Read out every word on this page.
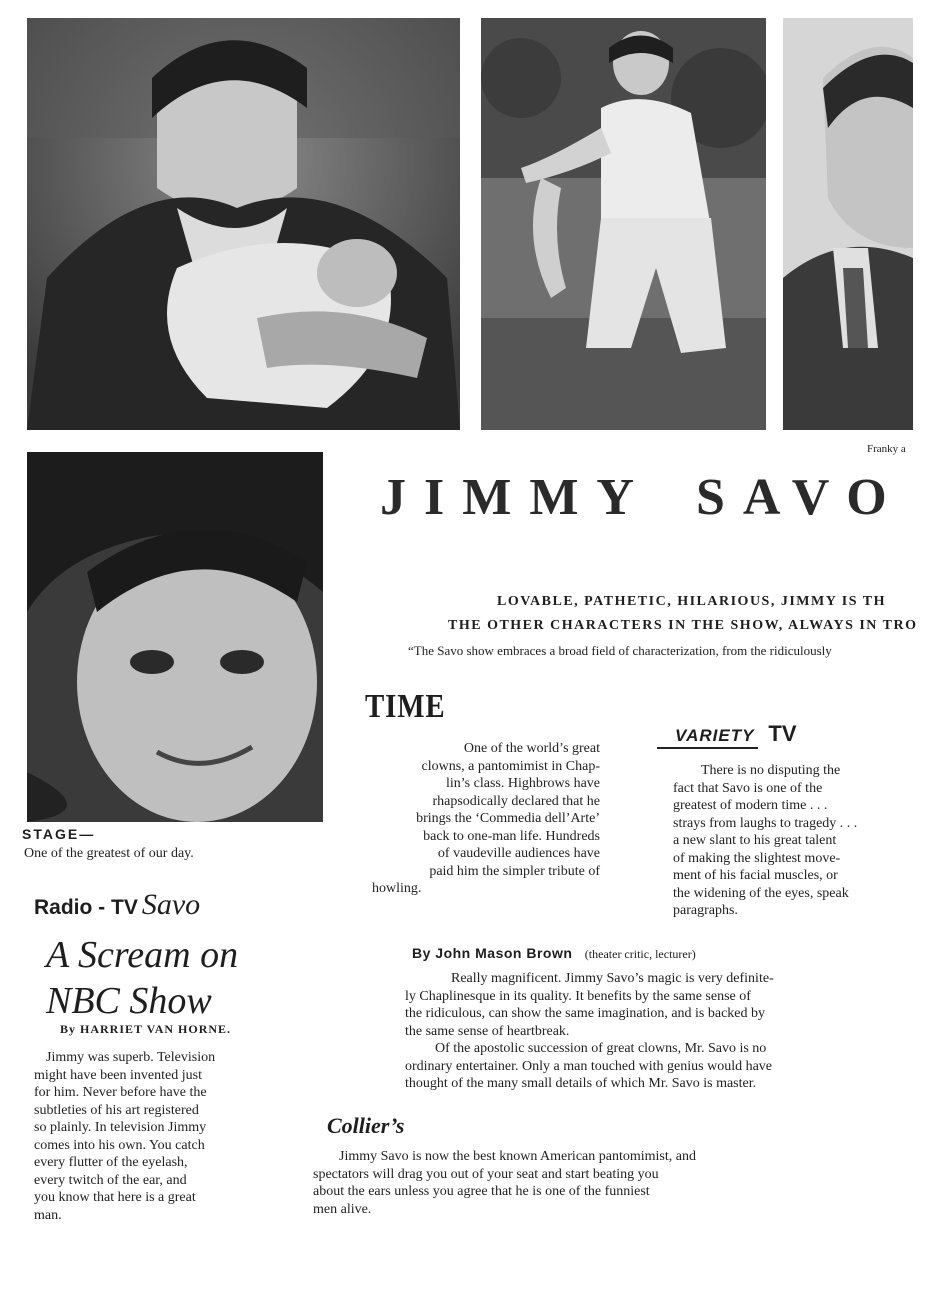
Franky a
JIMMY SAVO
LOVABLE, PATHETIC, HILARIOUS, JIMMY IS TH
THE OTHER CHARACTERS IN THE SHOW, ALWAYS IN TRO
“The Savo show embraces a broad field of characterization, from the ridiculously
STAGE—
One of the greatest of our day.
TIME
One of the world’s great
clowns, a pantomimist in Chap-
lin’s class. Highbrows have
rhapsodically declared that he
brings the ‘Commedia dell’Arte’
back to one-man life. Hundreds
of vaudeville audiences have
paid him the simpler tribute of
howling.
VARIETY TV
There is no disputing the
fact that Savo is one of the
greatest of modern time . . .
strays from laughs to tragedy . . .
a new slant to his great talent
of making the slightest move-
ment of his facial muscles, or
the widening of the eyes, speak
paragraphs.
Radio - TV Savo
A Scream on
NBC Show
By HARRIET VAN HORNE.
Jimmy was superb. Television
might have been invented just
for him. Never before have the
subtleties of his art registered
so plainly. In television Jimmy
comes into his own. You catch
every flutter of the eyelash,
every twitch of the ear, and
you know that here is a great
man.
By John Mason Brown (theater critic, lecturer)
Really magnificent. Jimmy Savo’s magic is very definite-
ly Chaplinesque in its quality. It benefits by the same sense of
the ridiculous, can show the same imagination, and is backed by
the same sense of heartbreak.
Of the apostolic succession of great clowns, Mr. Savo is no
ordinary entertainer. Only a man touched with genius would have
thought of the many small details of which Mr. Savo is master.
Collier’s
Jimmy Savo is now the best known American pantomimist, and
spectators will drag you out of your seat and start beating you
about the ears unless you agree that he is one of the funniest
men alive.
